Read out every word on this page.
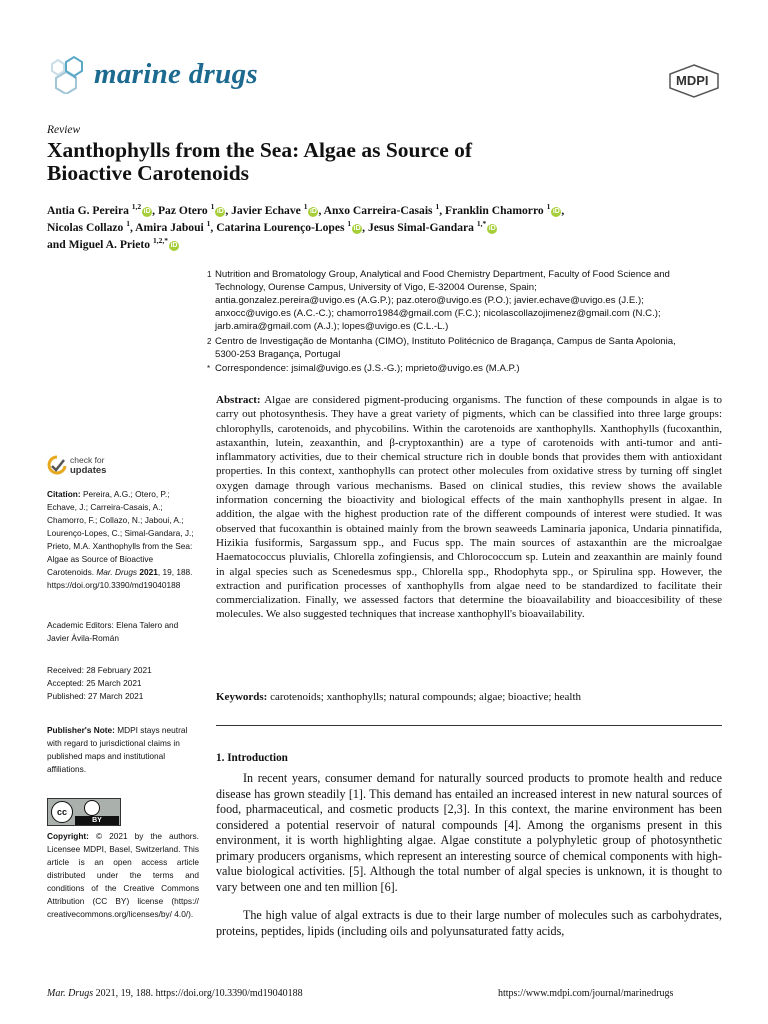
marine drugs	MDPI
Review
Xanthophylls from the Sea: Algae as Source of
Bioactive Carotenoids
Antia G. Pereira $^{1,2}$iD , Paz Otero $^1$iD , Javier Echave $^1$iD , Anxo Carreira-Casais $^1$, Franklin Chamorro $^1$iD ,
Nicolas Collazo $^1$, Amira Jaboui $^1$, Catarina Lourenço-Lopes $^1$iD , Jesus Simal-Gandara $^{1,*}$iD
and Miguel A. Prieto $^{1,2,*}$iD
1 Nutrition and Bromatology Group, Analytical and Food Chemistry Department, Faculty of Food Science and
Technology, Ourense Campus, University of Vigo, E-32004 Ourense, Spain;
antia.gonzalez.pereira@uvigo.es (A.G.P.); paz.otero@uvigo.es (P.O.); javier.echave@uvigo.es (J.E.);
anxocc@uvigo.es (A.C.-C.); chamorro1984@gmail.com (F.C.); nicolascollazojimenez@gmail.com (N.C.);
jarb.amira@gmail.com (A.J.); lopes@uvigo.es (C.L.-L.)
2 Centro de Investigação de Montanha (CIMO), Instituto Politécnico de Bragança, Campus de Santa Apolonia,
5300-253 Bragança, Portugal
* Correspondence: jsimal@uvigo.es (J.S.-G.); mprieto@uvigo.es (M.A.P.)
Abstract: Algae are considered pigment-producing organisms. The function of these compounds in algae is to carry out photosynthesis. They have a great variety of pigments, which can be classified into three large groups: chlorophylls, carotenoids, and phycobilins. Within the carotenoids are xanthophylls. Xanthophylls (fucoxanthin, astaxanthin, lutein, zeaxanthin, and β-cryptoxanthin) are a type of carotenoids with anti-tumor and anti-inflammatory activities, due to their chemical structure rich in double bonds that provides them with antioxidant properties. In this context, xanthophylls can protect other molecules from oxidative stress by turning off singlet oxygen damage through various mechanisms. Based on clinical studies, this review shows the available information concerning the bioactivity and biological effects of the main xanthophylls present in algae. In addition, the algae with the highest production rate of the different compounds of interest were studied. It was observed that fucoxanthin is obtained mainly from the brown seaweeds Laminaria japonica, Undaria pinnatifida, Hizikia fusiformis, Sargassum spp., and Fucus spp. The main sources of astaxanthin are the microalgae Haematococcus pluvialis, Chlorella zofingiensis, and Chlorococcum sp. Lutein and zeaxanthin are mainly found in algal species such as Scenedesmus spp., Chlorella spp., Rhodophyta spp., or Spirulina spp. However, the extraction and purification processes of xanthophylls from algae need to be standardized to facilitate their commercialization. Finally, we assessed factors that determine the bioavailability and bioaccesibility of these molecules. We also suggested techniques that increase xanthophyll's bioavailability.
Keywords: carotenoids; xanthophylls; natural compounds; algae; bioactive; health
check for
updates
Citation: Pereira, A.G.; Otero, P.; Echave, J.; Carreira-Casais, A.; Chamorro, F.; Collazo, N.; Jaboui, A.; Lourenço-Lopes, C.; Simal-Gandara, J.; Prieto, M.A. Xanthophylls from the Sea: Algae as Source of Bioactive Carotenoids. Mar. Drugs 2021, 19, 188. https://doi.org/10.3390/md19040188
Academic Editors: Elena Talero and
Javier Ávila-Román
Received: 28 February 2021
Accepted: 25 March 2021
Published: 27 March 2021
Publisher's Note: MDPI stays neutral with regard to jurisdictional claims in published maps and institutional affiliations.
cc
BY
Copyright: © 2021 by the authors. Licensee MDPI, Basel, Switzerland. This article is an open access article distributed under the terms and conditions of the Creative Commons Attribution (CC BY) license (https:// creativecommons.org/licenses/by/ 4.0/).
1. Introduction
In recent years, consumer demand for naturally sourced products to promote health and reduce disease has grown steadily [1]. This demand has entailed an increased interest in new natural sources of food, pharmaceutical, and cosmetic products [2,3]. In this context, the marine environment has been considered a potential reservoir of natural compounds [4]. Among the organisms present in this environment, it is worth highlighting algae. Algae constitute a polyphyletic group of photosynthetic primary producers organisms, which represent an interesting source of chemical components with high-value biological activities. [5]. Although the total number of algal species is unknown, it is thought to vary between one and ten million [6].
The high value of algal extracts is due to their large number of molecules such as carbohydrates, proteins, peptides, lipids (including oils and polyunsaturated fatty acids,
Mar. Drugs 2021, 19, 188. https://doi.org/10.3390/md19040188	https://www.mdpi.com/journal/marinedrugs
